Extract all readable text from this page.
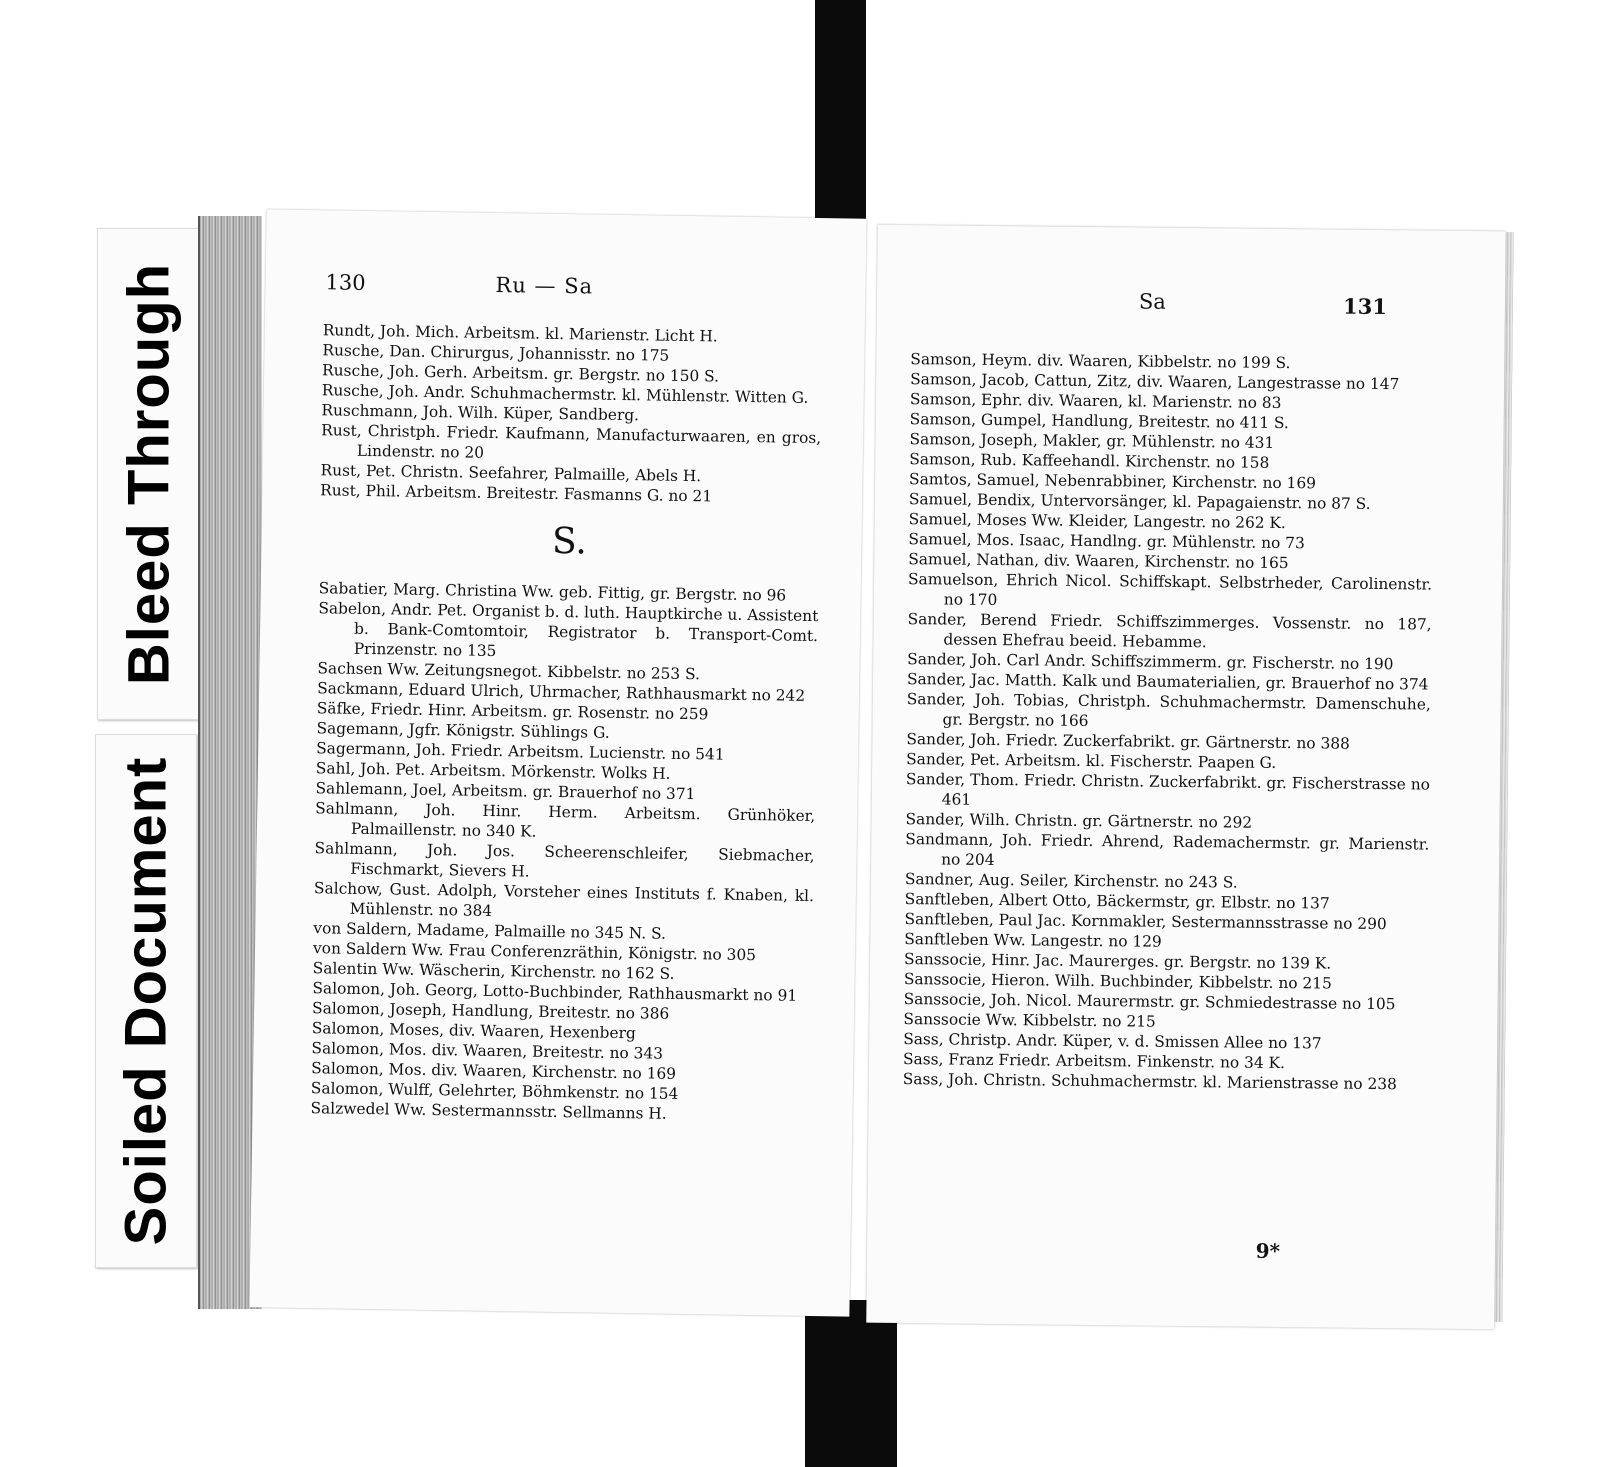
Bleed Through
Soiled Document
130	Ru — Sa

Rundt, Joh. Mich. Arbeitsm. kl. Marienstr. Licht H.

Rusche, Dan. Chirurgus, Johannisstr. no 175

Rusche, Joh. Gerh. Arbeitsm. gr. Bergstr. no 150 S.

Rusche, Joh. Andr. Schuhmachermstr. kl. Mühlenstr. Witten G.

Ruschmann, Joh. Wilh. Küper, Sandberg.

Rust, Christph. Friedr. Kaufmann, Manufacturwaaren, en gros, Lindenstr. no 20

Rust, Pet. Christn. Seefahrer, Palmaille, Abels H.

Rust, Phil. Arbeitsm. Breitestr. Fasmanns G. no 21

S.

Sabatier, Marg. Christina Ww. geb. Fittig, gr. Bergstr. no 96

Sabelon, Andr. Pet. Organist b. d. luth. Hauptkirche u. Assistent b. Bank-Comtomtoir, Registrator b. Transport-Comt. Prinzenstr. no 135

Sachsen Ww. Zeitungsnegot. Kibbelstr. no 253 S.

Sackmann, Eduard Ulrich, Uhrmacher, Rathhausmarkt no 242

Säfke, Friedr. Hinr. Arbeitsm. gr. Rosenstr. no 259

Sagemann, Jgfr. Königstr. Sühlings G.

Sagermann, Joh. Friedr. Arbeitsm. Lucienstr. no 541

Sahl, Joh. Pet. Arbeitsm. Mörkenstr. Wolks H.

Sahlemann, Joel, Arbeitsm. gr. Brauerhof no 371

Sahlmann, Joh. Hinr. Herm. Arbeitsm. Grünhöker, Palmaillenstr. no 340 K.

Sahlmann, Joh. Jos. Scheerenschleifer, Siebmacher, Fischmarkt, Sievers H.

Salchow, Gust. Adolph, Vorsteher eines Instituts f. Knaben, kl. Mühlenstr. no 384

von Saldern, Madame, Palmaille no 345 N. S.

von Saldern Ww. Frau Conferenzräthin, Königstr. no 305

Salentin Ww. Wäscherin, Kirchenstr. no 162 S.

Salomon, Joh. Georg, Lotto-Buchbinder, Rathhausmarkt no 91

Salomon, Joseph, Handlung, Breitestr. no 386

Salomon, Moses, div. Waaren, Hexenberg

Salomon, Mos. div. Waaren, Breitestr. no 343

Salomon, Mos. div. Waaren, Kirchenstr. no 169

Salomon, Wulff, Gelehrter, Böhmkenstr. no 154

Salzwedel Ww. Sestermannsstr. Sellmanns H.

Sa	131

Samson, Heym. div. Waaren, Kibbelstr. no 199 S.

Samson, Jacob, Cattun, Zitz, div. Waaren, Langestrasse no 147

Samson, Ephr. div. Waaren, kl. Marienstr. no 83

Samson, Gumpel, Handlung, Breitestr. no 411 S.

Samson, Joseph, Makler, gr. Mühlenstr. no 431

Samson, Rub. Kaffeehandl. Kirchenstr. no 158

Samtos, Samuel, Nebenrabbiner, Kirchenstr. no 169

Samuel, Bendix, Untervorsänger, kl. Papagaienstr. no 87 S.

Samuel, Moses Ww. Kleider, Langestr. no 262 K.

Samuel, Mos. Isaac, Handlng. gr. Mühlenstr. no 73

Samuel, Nathan, div. Waaren, Kirchenstr. no 165

Samuelson, Ehrich Nicol. Schiffskapt. Selbstrheder, Carolinenstr. no 170

Sander, Berend Friedr. Schiffszimmerges. Vossenstr. no 187, dessen Ehefrau beeid. Hebamme.

Sander, Joh. Carl Andr. Schiffszimmerm. gr. Fischerstr. no 190

Sander, Jac. Matth. Kalk und Baumaterialien, gr. Brauerhof no 374

Sander, Joh. Tobias, Christph. Schuhmachermstr. Damenschuhe, gr. Bergstr. no 166

Sander, Joh. Friedr. Zuckerfabrikt. gr. Gärtnerstr. no 388

Sander, Pet. Arbeitsm. kl. Fischerstr. Paapen G.

Sander, Thom. Friedr. Christn. Zuckerfabrikt. gr. Fischerstrasse no 461

Sander, Wilh. Christn. gr. Gärtnerstr. no 292

Sandmann, Joh. Friedr. Ahrend, Rademachermstr. gr. Marienstr. no 204

Sandner, Aug. Seiler, Kirchenstr. no 243 S.

Sanftleben, Albert Otto, Bäckermstr, gr. Elbstr. no 137

Sanftleben, Paul Jac. Kornmakler, Sestermannsstrasse no 290

Sanftleben Ww. Langestr. no 129

Sanssocie, Hinr. Jac. Maurerges. gr. Bergstr. no 139 K.

Sanssocie, Hieron. Wilh. Buchbinder, Kibbelstr. no 215

Sanssocie, Joh. Nicol. Maurermstr. gr. Schmiedestrasse no 105

Sanssocie Ww. Kibbelstr. no 215

Sass, Christp. Andr. Küper, v. d. Smissen Allee no 137

Sass, Franz Friedr. Arbeitsm. Finkenstr. no 34 K.

Sass, Joh. Christn. Schuhmachermstr. kl. Marienstrasse no 238

9*
